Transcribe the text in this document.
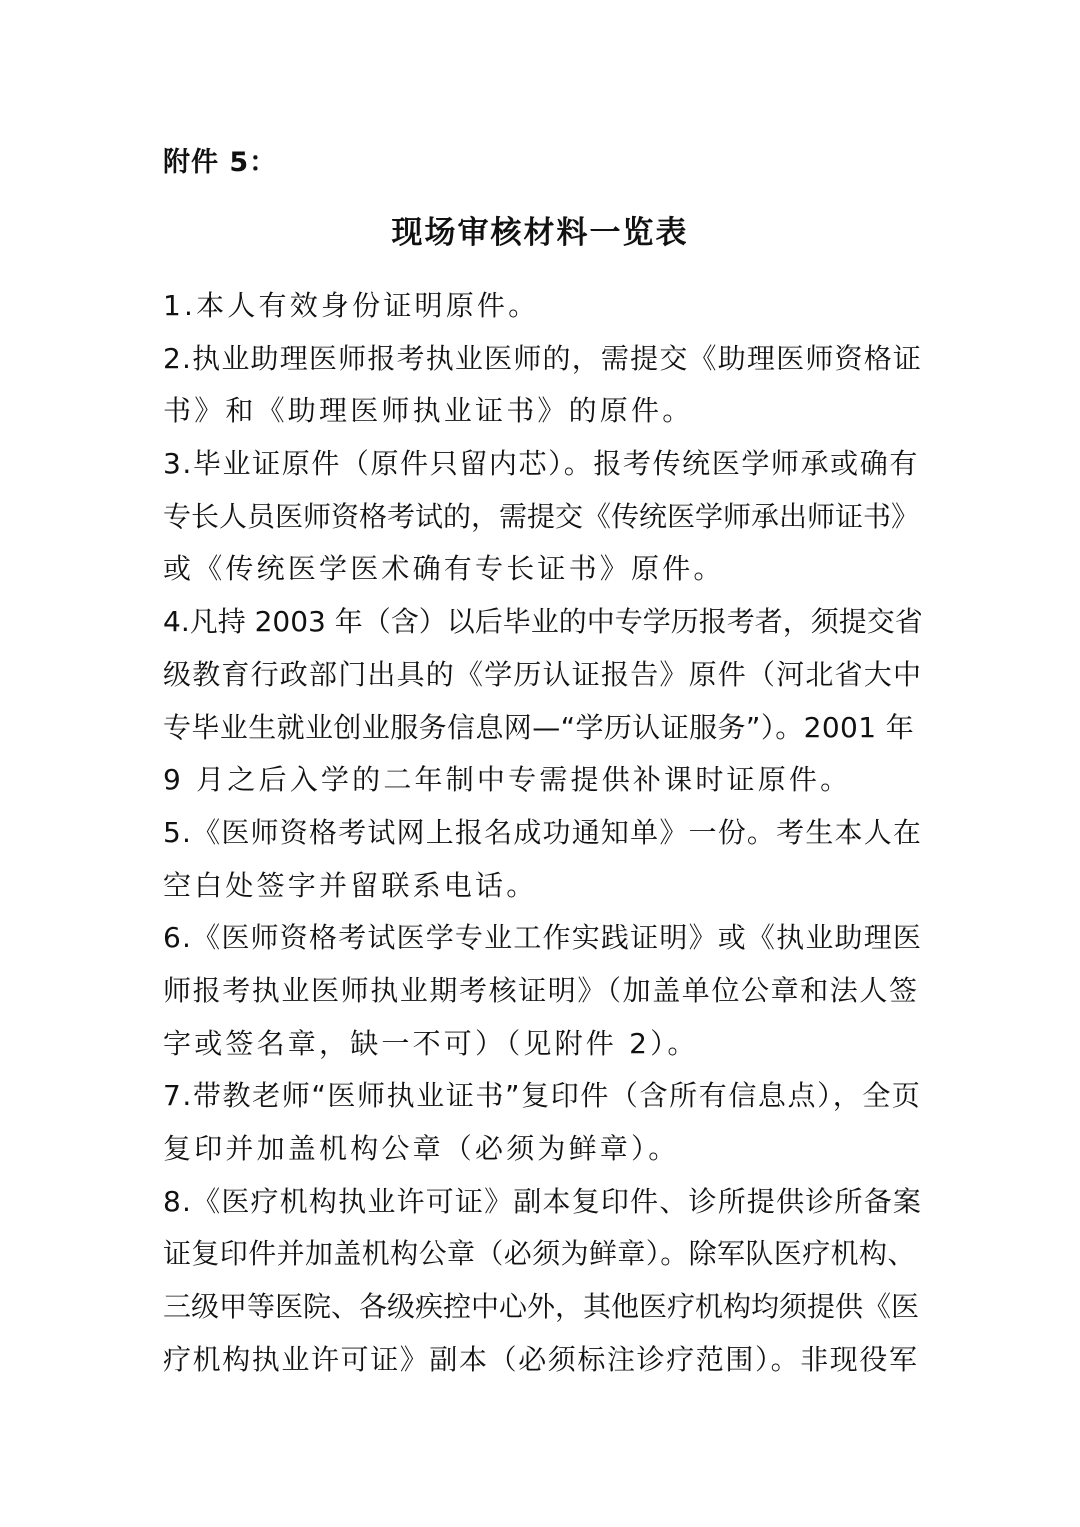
附件 5：
现场审核材料一览表
1.本人有效身份证明原件。
2.执业助理医师报考执业医师的，需提交《助理医师资格证
书》和《助理医师执业证书》的原件。
3.毕业证原件（原件只留内芯）。报考传统医学师承或确有
专长人员医师资格考试的，需提交《传统医学师承出师证书》
或《传统医学医术确有专长证书》原件。
4.凡持 2003 年（含）以后毕业的中专学历报考者，须提交省
级教育行政部门出具的《学历认证报告》原件（河北省大中
专毕业生就业创业服务信息网—“学历认证服务”）。2001 年
9 月之后入学的二年制中专需提供补课时证原件。
5.《医师资格考试网上报名成功通知单》一份。考生本人在
空白处签字并留联系电话。
6.《医师资格考试医学专业工作实践证明》或《执业助理医
师报考执业医师执业期考核证明》（加盖单位公章和法人签
字或签名章，缺一不可）（见附件 2）。
7.带教老师“医师执业证书”复印件（含所有信息点），全页
复印并加盖机构公章（必须为鲜章）。
8.《医疗机构执业许可证》副本复印件、诊所提供诊所备案
证复印件并加盖机构公章（必须为鲜章）。除军队医疗机构、
三级甲等医院、各级疾控中心外，其他医疗机构均须提供《医
疗机构执业许可证》副本（必须标注诊疗范围）。非现役军
